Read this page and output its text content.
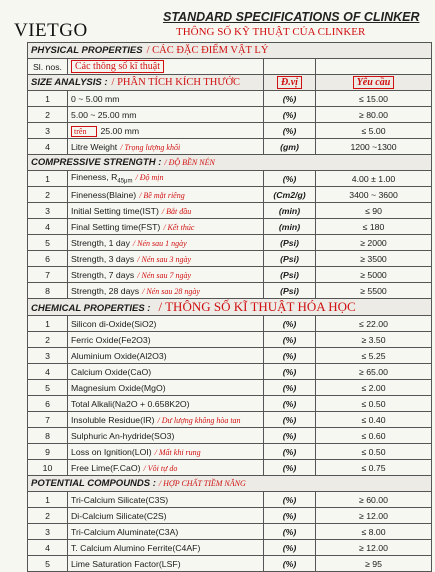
VIETGO
STANDARD SPECIFICATIONS OF CLINKER
THÔNG SỐ KỸ THUẬT CỦA CLINKER
PHYSICAL PROPERTIES / CÁC ĐẶC ĐIỂM VẬT LÝ			
Sl. nos.	Các thông số kĩ thuật		
SIZE ANALYSIS : / PHÂN TÍCH KÍCH THƯỚC		Đ.vị	Yêu cầu
1	0 ~ 5.00 mm	(%)	≤ 15.00
2	5.00 ~ 25.00 mm	(%)	≥ 80.00
3	trên 25.00 mm	(%)	≤ 5.00
4	Litre Weight / Trọng lượng khối	(gm)	1200 ~1300
COMPRESSIVE STRENGTH : / ĐỘ BỀN NÉN			
1	Fineness, $R_{45\mu m}$ / Độ mịn	(%)	4.00 ± 1.00
2	Fineness(Blaine) / Bề mặt riêng	(Cm2/g)	3400 ~ 3600
3	Initial Setting time(IST) / Bắt đầu	(min)	≤ 90
4	Final Setting time(FST) / Kết thúc	(min)	≤ 180
5	Strength, 1 day / Nén sau 1 ngày	(Psi)	≥ 2000
6	Strength, 3 days / Nén sau 3 ngày	(Psi)	≥ 3500
7	Strength, 7 days / Nén sau 7 ngày	(Psi)	≥ 5000
8	Strength, 28 days / Nén sau 28 ngày	(Psi)	≥ 5500
CHEMICAL PROPERTIES : / THÔNG SỐ KĨ THUẬT HÓA HỌC			
1	Silicon di-Oxide(SiO2)	(%)	≤ 22.00
2	Ferric Oxide(Fe2O3)	(%)	≥ 3.50
3	Aluminium Oxide(Al2O3)	(%)	≤ 5.25
4	Calcium Oxide(CaO)	(%)	≥ 65.00
5	Magnesium Oxide(MgO)	(%)	≤ 2.00
6	Total Alkali(Na2O + 0.658K2O)	(%)	≤ 0.50
7	Insoluble Residue(IR) / Dư lượng không hòa tan	(%)	≤ 0.40
8	Sulphuric An-hydride(SO3)	(%)	≤ 0.60
9	Loss on Ignition(LOI) / Mất khi rung	(%)	≤ 0.50
10	Free Lime(F.CaO) / Vôi tự do	(%)	≤ 0.75
POTENTIAL COMPOUNDS : / HỢP CHẤT TIỀM NĂNG			
1	Tri-Calcium Silicate(C3S)	(%)	≥ 60.00
2	Di-Calcium Silicate(C2S)	(%)	≥ 12.00
3	Tri-Calcium Aluminate(C3A)	(%)	≤ 8.00
4	T. Calcium Alumino Ferrite(C4AF)	(%)	≥ 12.00
5	Lime Saturation Factor(LSF)	(%)	≥ 95
